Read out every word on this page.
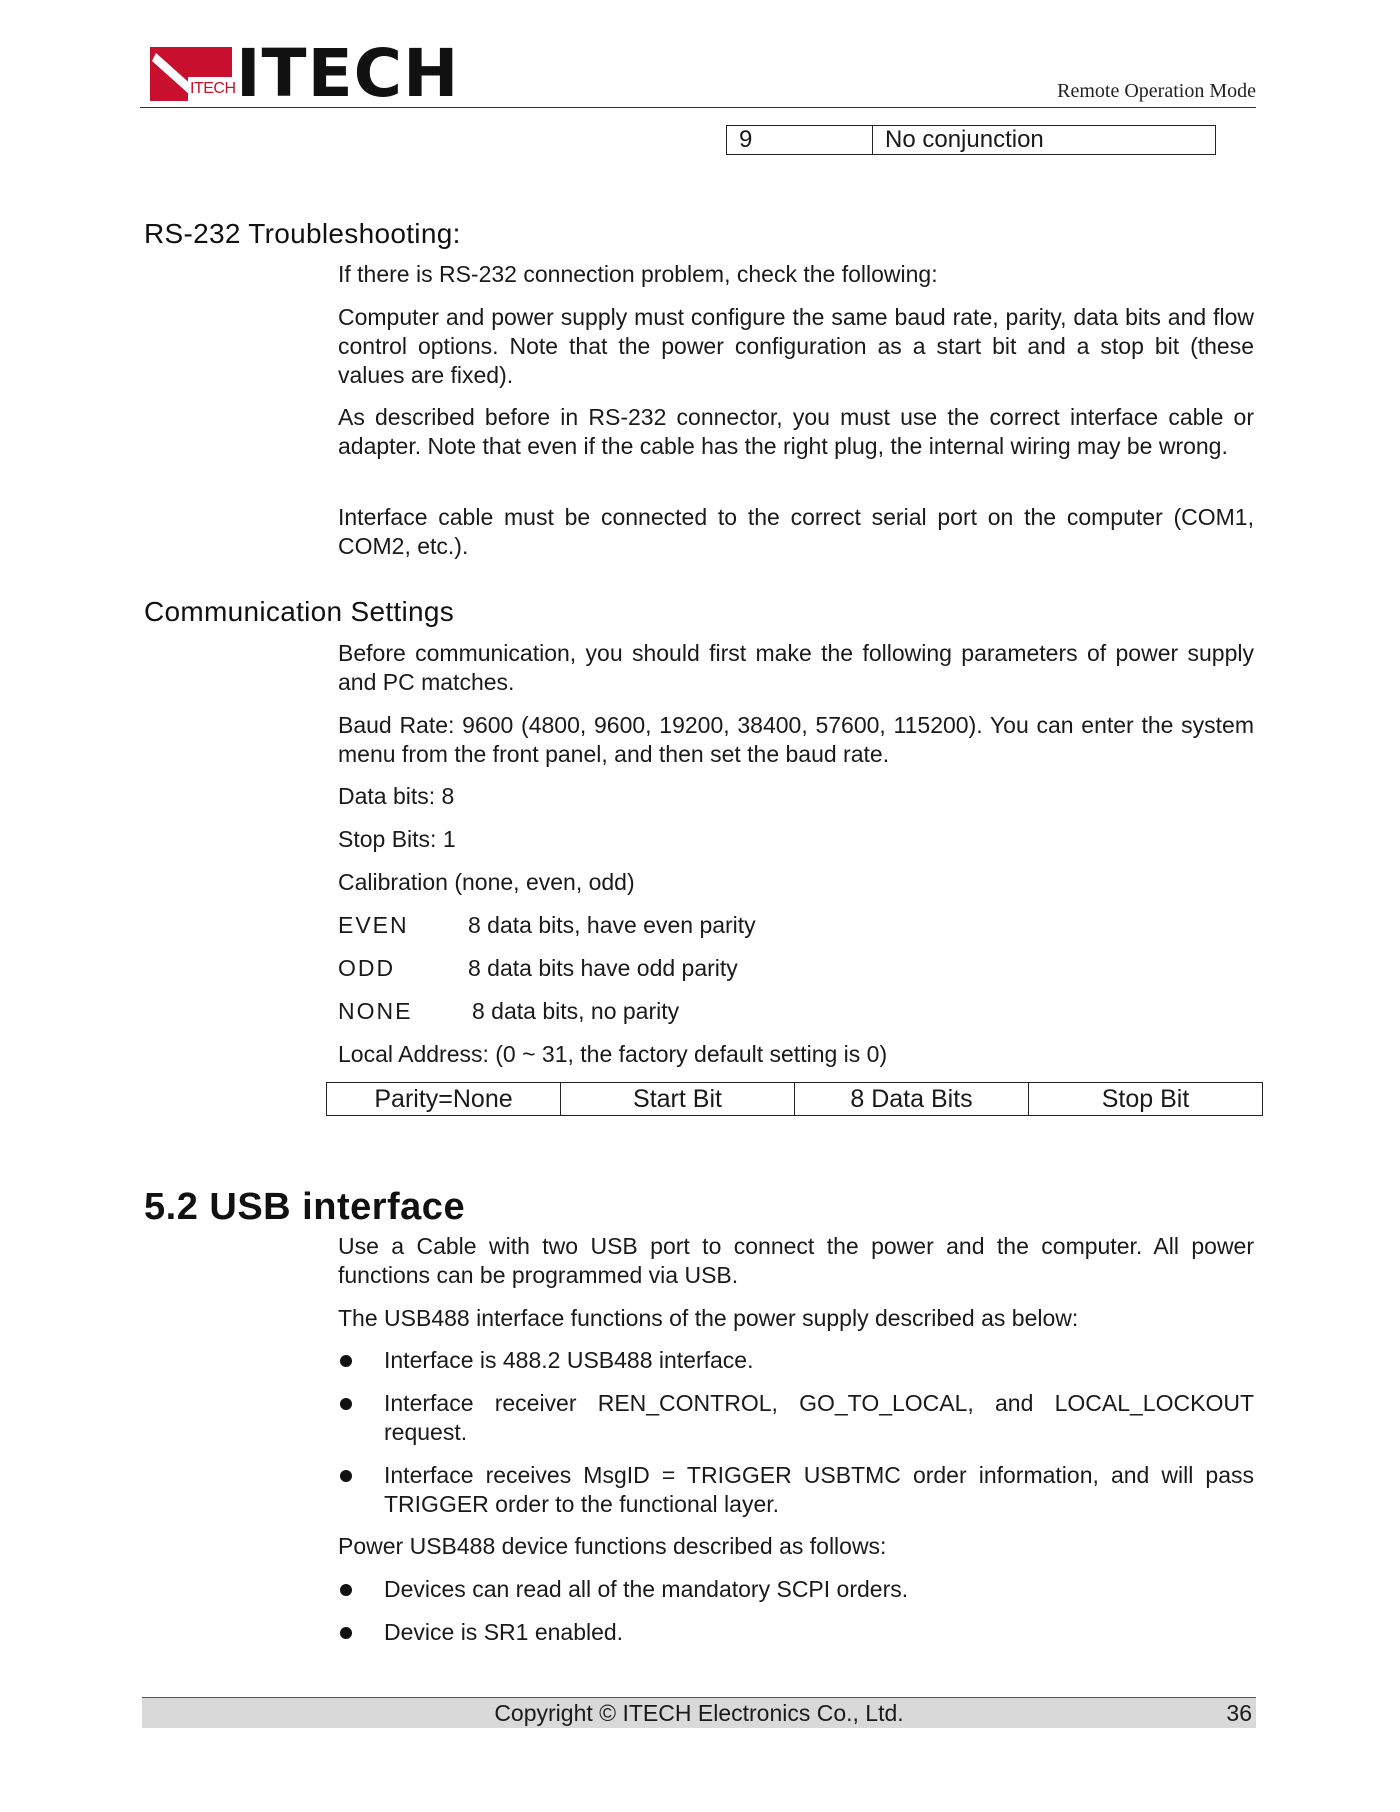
ITECH ITECH	Remote Operation Mode
9	No conjunction
RS-232 Troubleshooting:
If there is RS-232 connection problem, check the following:
Computer and power supply must configure the same baud rate, parity, data bits and flow control options. Note that the power configuration as a start bit and a stop bit (these values are fixed).
As described before in RS-232 connector, you must use the correct interface cable or adapter. Note that even if the cable has the right plug, the internal wiring may be wrong.
Interface cable must be connected to the correct serial port on the computer (COM1, COM2, etc.).
Communication Settings
Before communication, you should first make the following parameters of power supply and PC matches.
Baud Rate: 9600 (4800, 9600, 19200, 38400, 57600, 115200). You can enter the system menu from the front panel, and then set the baud rate.
Data bits: 8
Stop Bits: 1
Calibration (none, even, odd)
EVEN	8 data bits, have even parity
ODD	8 data bits have odd parity
NONE	8 data bits, no parity
Local Address: (0 ~ 31, the factory default setting is 0)
Parity=None	Start Bit	8 Data Bits	Stop Bit
5.2 USB interface
Use a Cable with two USB port to connect the power and the computer. All power functions can be programmed via USB.
The USB488 interface functions of the power supply described as below:
Interface is 488.2 USB488 interface.
Interface receiver REN_CONTROL, GO_TO_LOCAL, and LOCAL_LOCKOUT request.
Interface receives MsgID = TRIGGER USBTMC order information, and will pass TRIGGER order to the functional layer.
Power USB488 device functions described as follows:
Devices can read all of the mandatory SCPI orders.
Device is SR1 enabled.
Copyright © ITECH Electronics Co., Ltd.	36
